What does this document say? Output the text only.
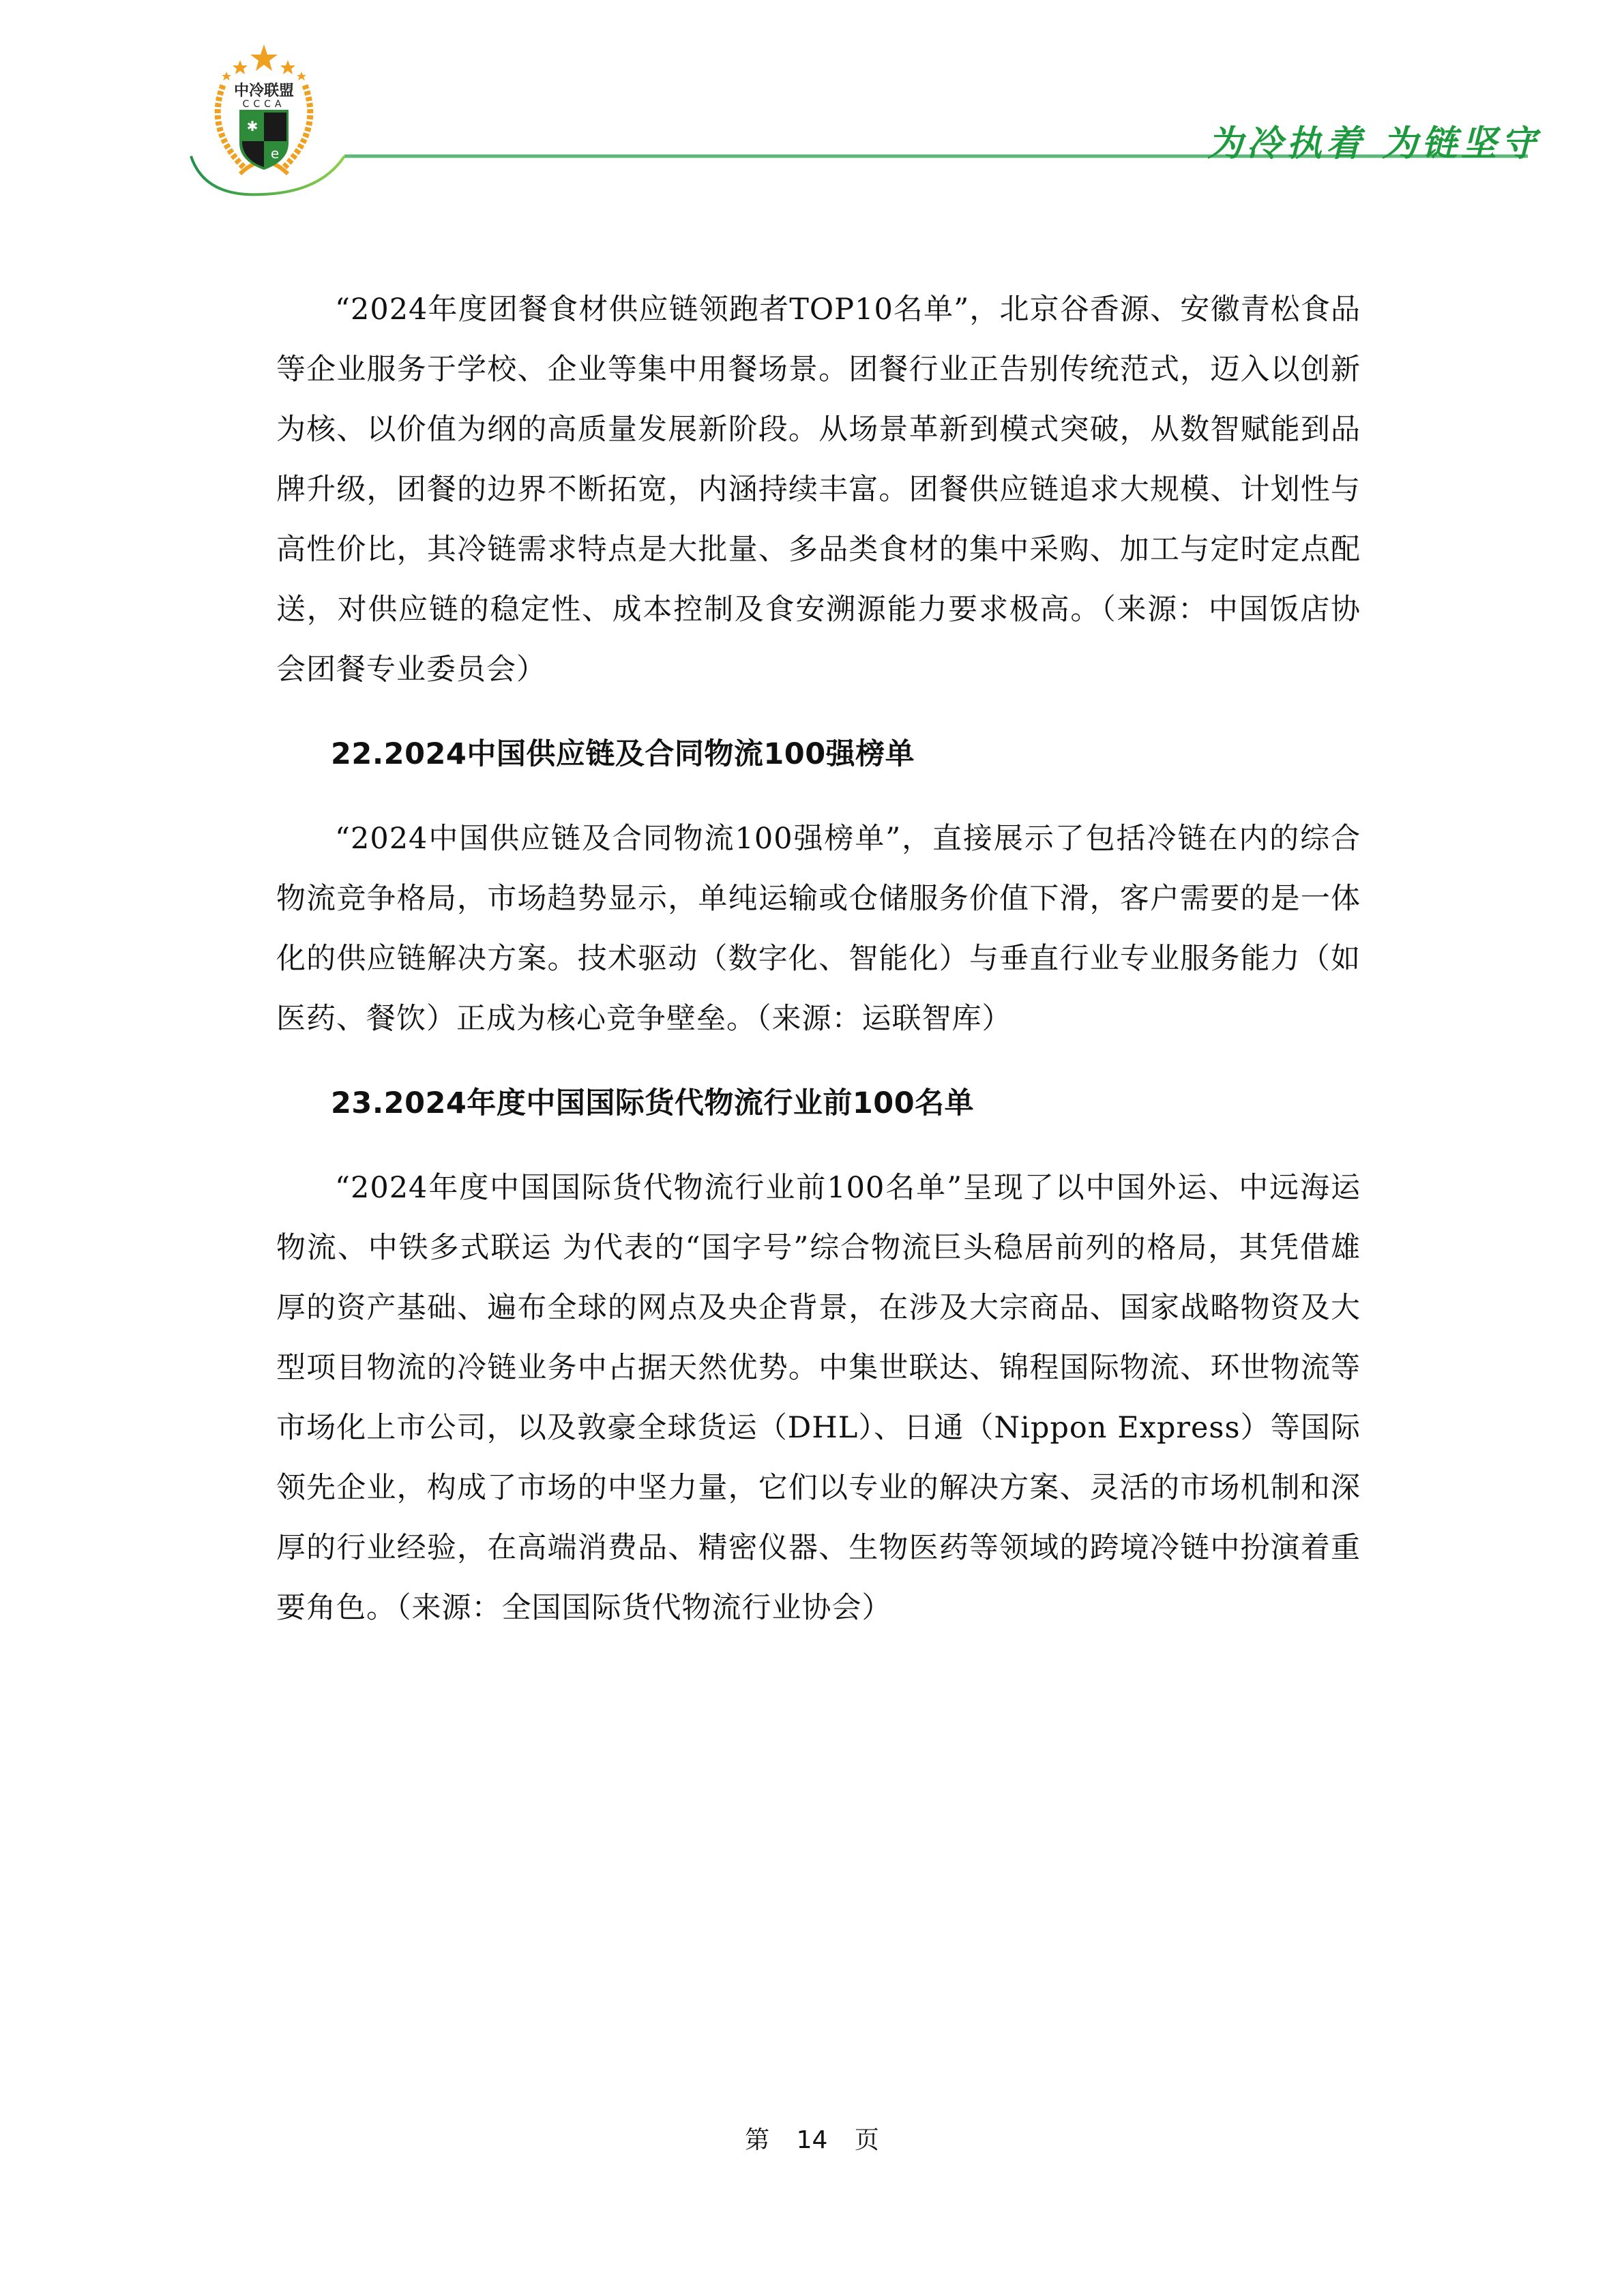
中冷联盟
CCCA
✱
e	为冷执着 为链坚守

“2024年度团餐食材供应链领跑者TOP10名单”，北京谷香源、安徽青松食品等企业服务于学校、企业等集中用餐场景。团餐行业正告别传统范式，迈入以创新为核、以价值为纲的高质量发展新阶段。从场景革新到模式突破，从数智赋能到品牌升级，团餐的边界不断拓宽，内涵持续丰富。团餐供应链追求大规模、计划性与高性价比，其冷链需求特点是大批量、多品类食材的集中采购、加工与定时定点配送，对供应链的稳定性、成本控制及食安溯源能力要求极高。（来源：中国饭店协会团餐专业委员会）

22.2024中国供应链及合同物流100强榜单

“2024中国供应链及合同物流100强榜单”，直接展示了包括冷链在内的综合物流竞争格局，市场趋势显示，单纯运输或仓储服务价值下滑，客户需要的是一体化的供应链解决方案。技术驱动（数字化、智能化）与垂直行业专业服务能力（如医药、餐饮）正成为核心竞争壁垒。（来源：运联智库）

23.2024年度中国国际货代物流行业前100名单

“2024年度中国国际货代物流行业前100名单”呈现了以中国外运、中远海运物流、中铁多式联运 为代表的“国字号”综合物流巨头稳居前列的格局，其凭借雄厚的资产基础、遍布全球的网点及央企背景，在涉及大宗商品、国家战略物资及大型项目物流的冷链业务中占据天然优势。中集世联达、锦程国际物流、环世物流等市场化上市公司，以及敦豪全球货运（DHL）、日通（Nippon Express）等国际领先企业，构成了市场的中坚力量，它们以专业的解决方案、灵活的市场机制和深厚的行业经验，在高端消费品、精密仪器、生物医药等领域的跨境冷链中扮演着重要角色。（来源：全国国际货代物流行业协会）

第 14 页
